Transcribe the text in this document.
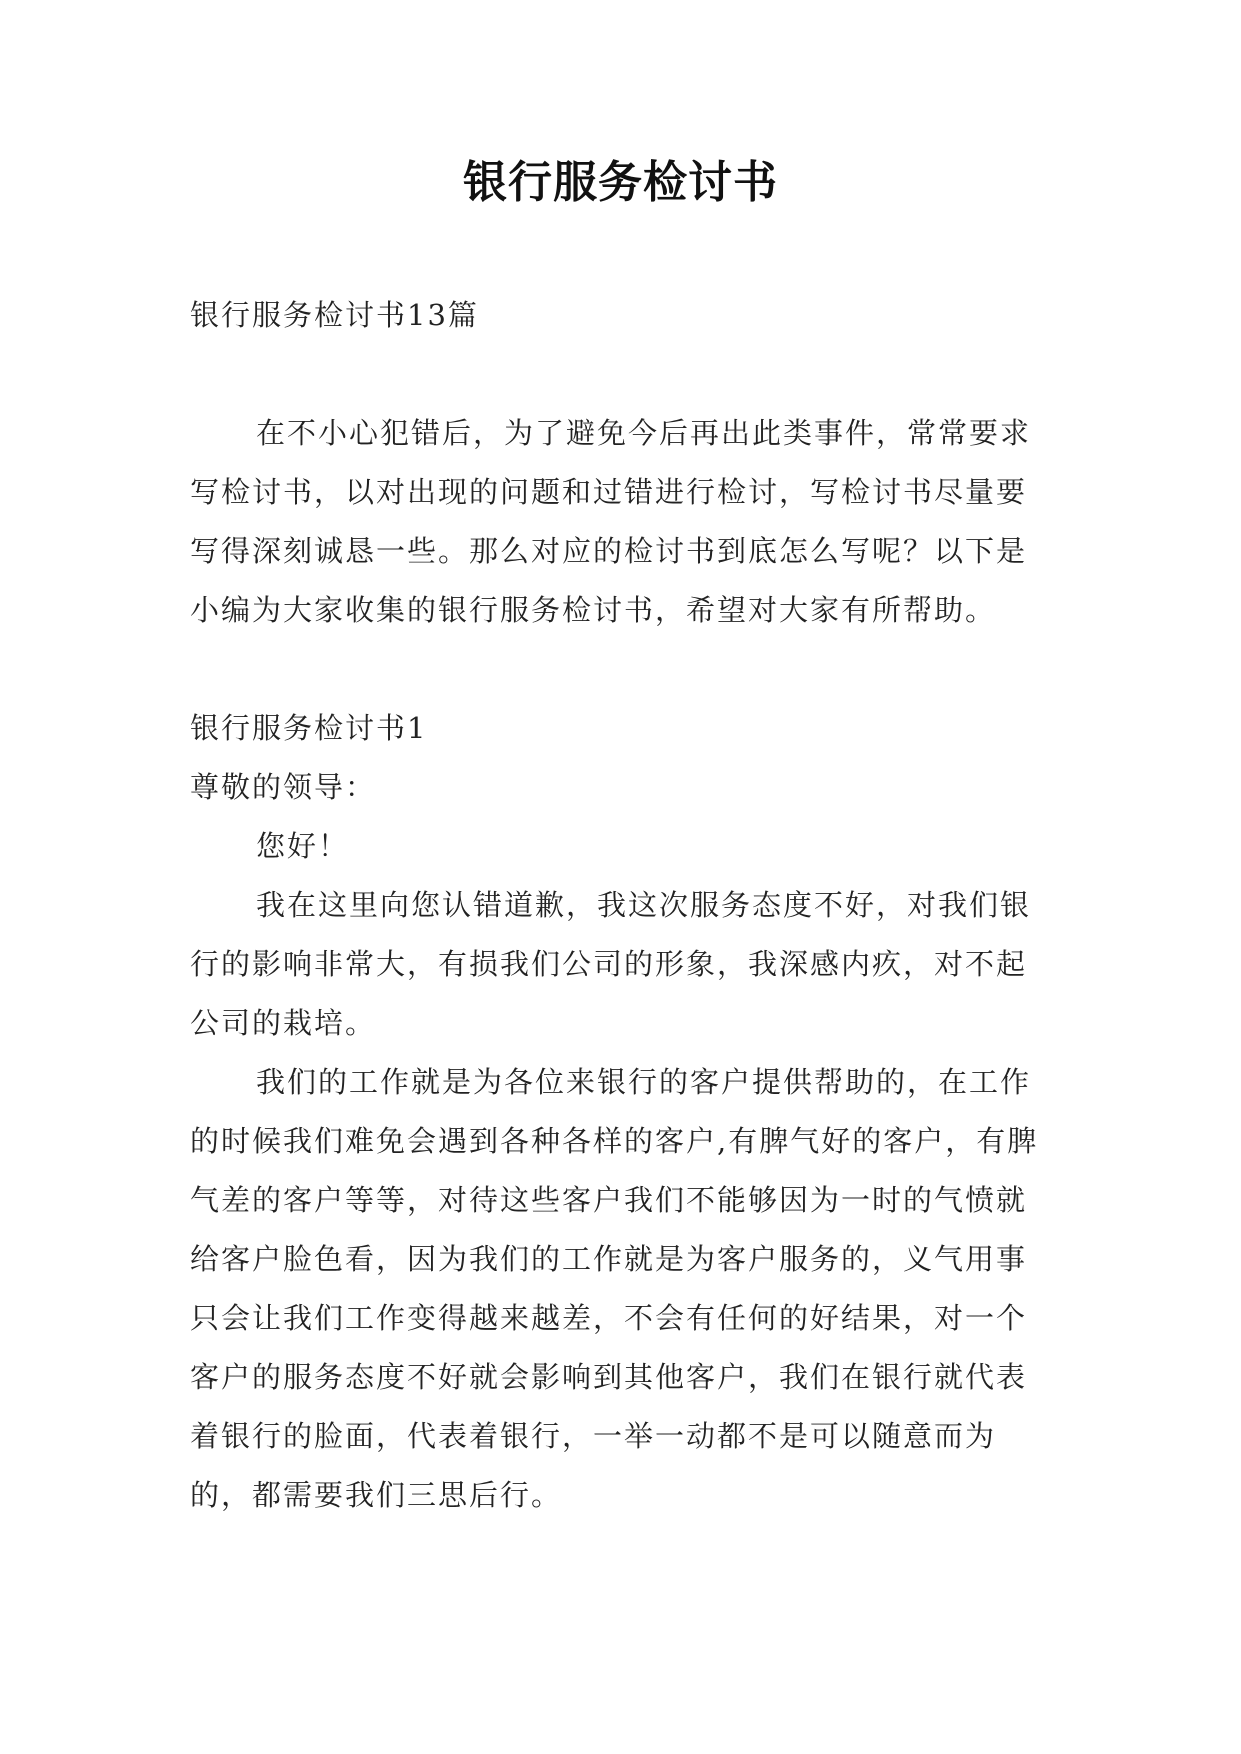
银行服务检讨书

银行服务检讨书13篇

在不小心犯错后，为了避免今后再出此类事件，常常要求写检讨书，以对出现的问题和过错进行检讨，写检讨书尽量要写得深刻诚恳一些。那么对应的检讨书到底怎么写呢？以下是小编为大家收集的银行服务检讨书，希望对大家有所帮助。

银行服务检讨书1

尊敬的领导：

您好！

我在这里向您认错道歉，我这次服务态度不好，对我们银行的影响非常大，有损我们公司的形象，我深感内疚，对不起公司的栽培。

我们的工作就是为各位来银行的客户提供帮助的，在工作的时候我们难免会遇到各种各样的客户,有脾气好的客户，有脾气差的客户等等，对待这些客户我们不能够因为一时的气愤就给客户脸色看，因为我们的工作就是为客户服务的，义气用事只会让我们工作变得越来越差，不会有任何的好结果，对一个客户的服务态度不好就会影响到其他客户，我们在银行就代表着银行的脸面，代表着银行，一举一动都不是可以随意而为的，都需要我们三思后行。
